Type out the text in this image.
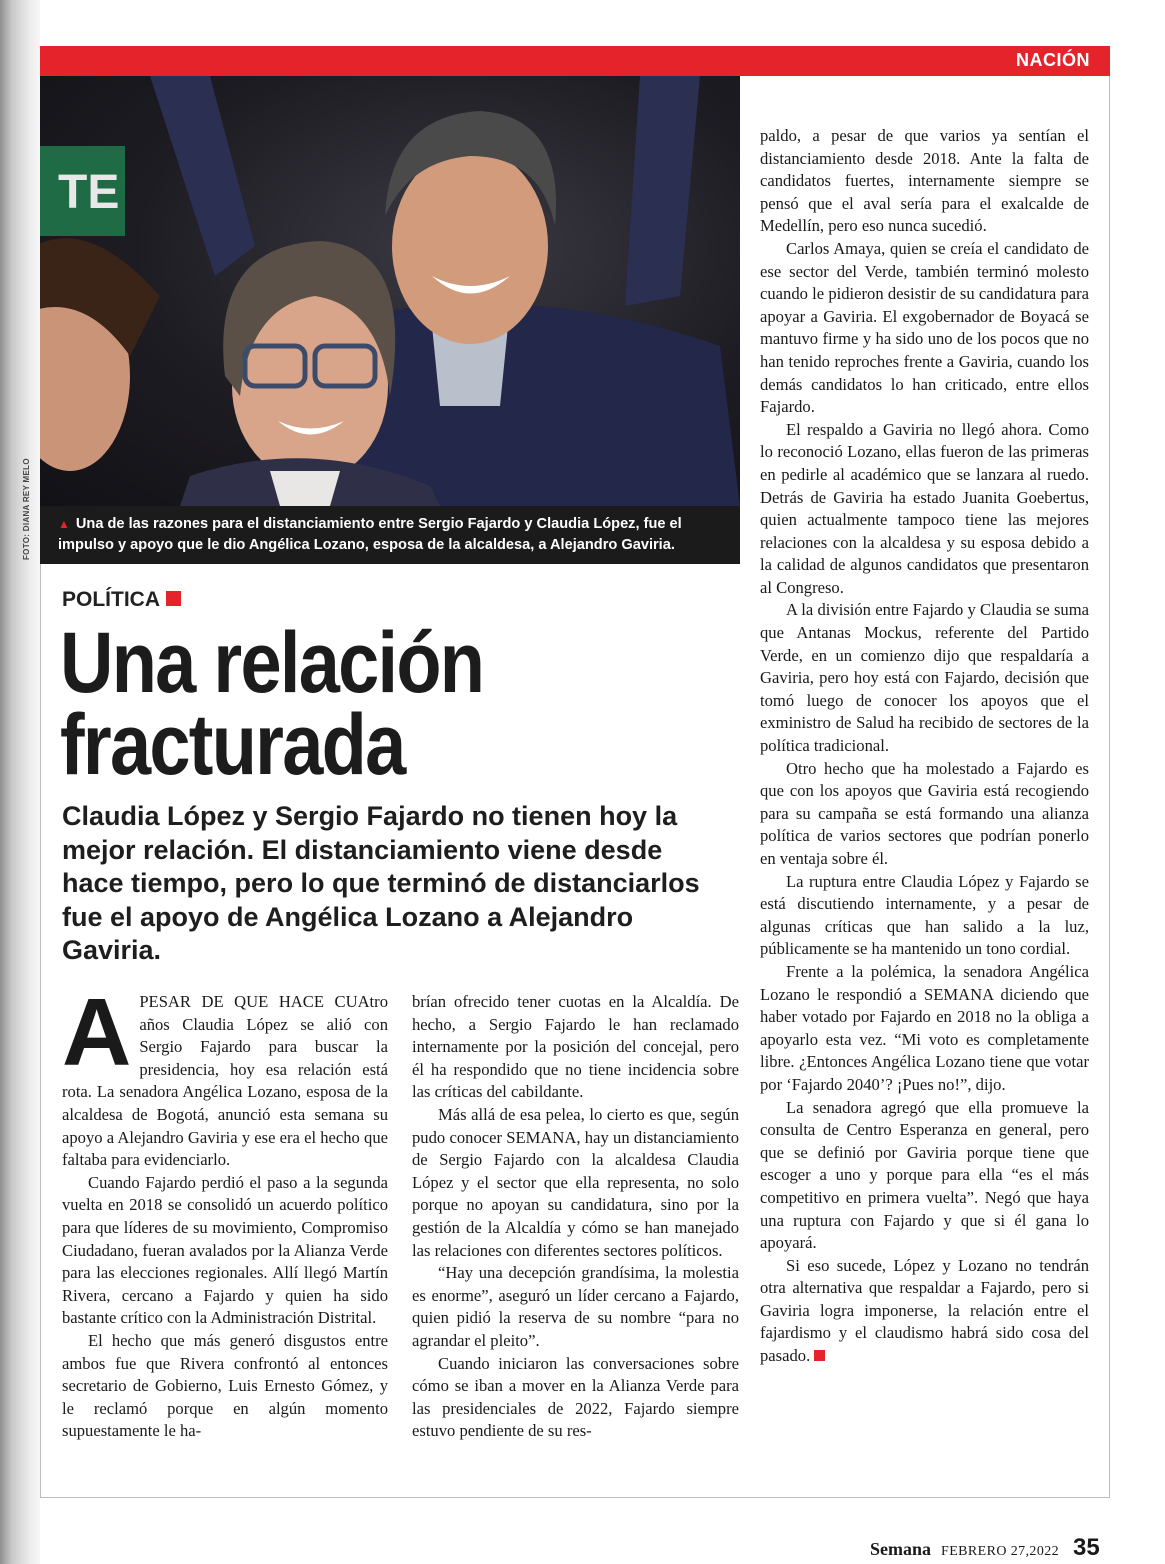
NACIÓN
TE
▲ Una de las razones para el distanciamiento entre Sergio Fajardo y Claudia López, fue el impulso y apoyo que le dio Angélica Lozano, esposa de la alcaldesa, a Alejandro Gaviria.
FOTO: DIANA REY MELO
POLÍTICA
Una relación
fracturada
Claudia López y Sergio Fajardo no tienen hoy la mejor relación. El distanciamiento viene desde hace tiempo, pero lo que terminó de distanciarlos fue el apoyo de Angélica Lozano a Alejandro Gaviria.

APESAR DE QUE HACE CUAtro años Claudia López se alió con Sergio Fajardo para buscar la presidencia, hoy esa relación está rota. La senadora Angélica Lozano, esposa de la alcaldesa de Bogotá, anunció esta semana su apoyo a Alejandro Gaviria y ese era el hecho que faltaba para evidenciarlo.

Cuando Fajardo perdió el paso a la segunda vuelta en 2018 se consolidó un acuerdo político para que líderes de su movimiento, Compromiso Ciudadano, fueran avalados por la Alianza Verde para las elecciones regionales. Allí llegó Martín Rivera, cercano a Fajardo y quien ha sido bastante crítico con la Administración Distrital.

El hecho que más generó disgustos entre ambos fue que Rivera confrontó al entonces secretario de Gobierno, Luis Ernesto Gómez, y le reclamó porque en algún momento supuestamente le ha-

brían ofrecido tener cuotas en la Alcaldía. De hecho, a Sergio Fajardo le han reclamado internamente por la posición del concejal, pero él ha respondido que no tiene incidencia sobre las críticas del cabildante.

Más allá de esa pelea, lo cierto es que, según pudo conocer SEMANA, hay un distanciamiento de Sergio Fajardo con la alcaldesa Claudia López y el sector que ella representa, no solo porque no apoyan su candidatura, sino por la gestión de la Alcaldía y cómo se han manejado las relaciones con diferentes sectores políticos.

“Hay una decepción grandísima, la molestia es enorme”, aseguró un líder cercano a Fajardo, quien pidió la reserva de su nombre “para no agrandar el pleito”.

Cuando iniciaron las conversaciones sobre cómo se iban a mover en la Alianza Verde para las presidenciales de 2022, Fajardo siempre estuvo pendiente de su res-

paldo, a pesar de que varios ya sentían el distanciamiento desde 2018. Ante la falta de candidatos fuertes, internamente siempre se pensó que el aval sería para el exalcalde de Medellín, pero eso nunca sucedió.

Carlos Amaya, quien se creía el candidato de ese sector del Verde, también terminó molesto cuando le pidieron desistir de su candidatura para apoyar a Gaviria. El exgobernador de Boyacá se mantuvo firme y ha sido uno de los pocos que no han tenido reproches frente a Gaviria, cuando los demás candidatos lo han criticado, entre ellos Fajardo.

El respaldo a Gaviria no llegó ahora. Como lo reconoció Lozano, ellas fueron de las primeras en pedirle al académico que se lanzara al ruedo. Detrás de Gaviria ha estado Juanita Goebertus, quien actualmente tampoco tiene las mejores relaciones con la alcaldesa y su esposa debido a la calidad de algunos candidatos que presentaron al Congreso.

A la división entre Fajardo y Claudia se suma que Antanas Mockus, referente del Partido Verde, en un comienzo dijo que respaldaría a Gaviria, pero hoy está con Fajardo, decisión que tomó luego de conocer los apoyos que el exministro de Salud ha recibido de sectores de la política tradicional.

Otro hecho que ha molestado a Fajardo es que con los apoyos que Gaviria está recogiendo para su campaña se está formando una alianza política de varios sectores que podrían ponerlo en ventaja sobre él.

La ruptura entre Claudia López y Fajardo se está discutiendo internamente, y a pesar de algunas críticas que han salido a la luz, públicamente se ha mantenido un tono cordial.

Frente a la polémica, la senadora Angélica Lozano le respondió a SEMANA diciendo que haber votado por Fajardo en 2018 no la obliga a apoyarlo esta vez. “Mi voto es completamente libre. ¿Entonces Angélica Lozano tiene que votar por ‘Fajardo 2040’? ¡Pues no!”, dijo.

La senadora agregó que ella promueve la consulta de Centro Esperanza en general, pero que se definió por Gaviria porque tiene que escoger a uno y porque para ella “es el más competitivo en primera vuelta”. Negó que haya una ruptura con Fajardo y que si él gana lo apoyará.

Si eso sucede, López y Lozano no tendrán otra alternativa que respaldar a Fajardo, pero si Gaviria logra imponerse, la relación entre el fajardismo y el claudismo habrá sido cosa del pasado.

Semana FEBRERO 27,2022 35
